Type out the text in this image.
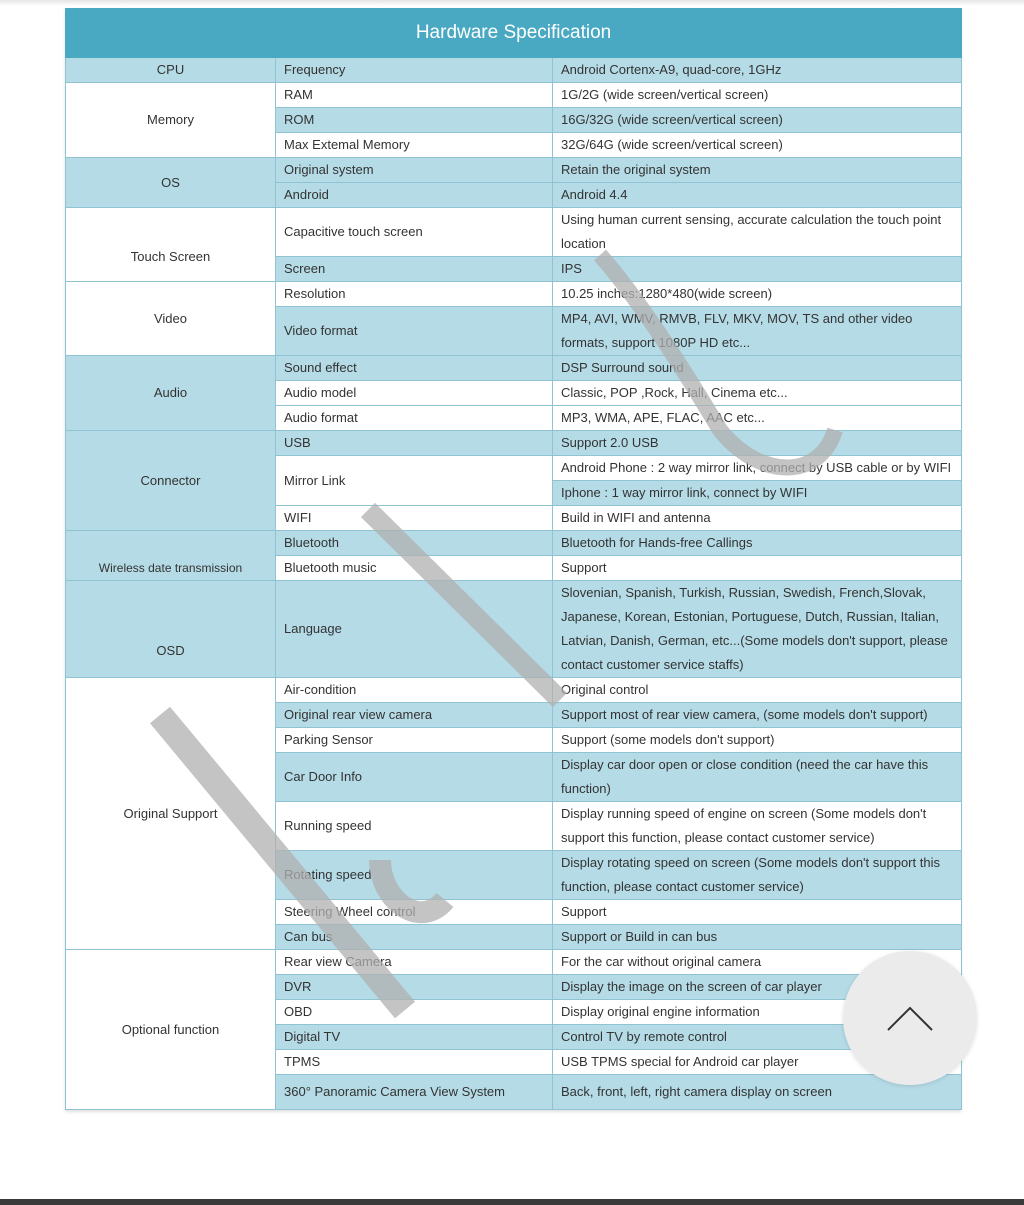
Hardware Specification		
CPU	Frequency	Android Cortenx-A9, quad-core, 1GHz
Memory	RAM	1G/2G (wide screen/vertical screen)
	ROM	16G/32G (wide screen/vertical screen)
	Max Extemal Memory	32G/64G (wide screen/vertical screen)
OS	Original system	Retain the original system
	Android	Android 4.4
Touch Screen	Capacitive touch screen	Using human current sensing, accurate calculation the touch point location
	Screen	IPS
Video	Resolution	10.25 inches:1280*480(wide screen)
	Video format	MP4, AVI, WMV, RMVB, FLV, MKV, MOV, TS and other video formats, support 1080P HD etc...
Audio	Sound effect	DSP Surround sound
	Audio model	Classic, POP ,Rock, Hall, Cinema etc...
	Audio format	MP3, WMA, APE, FLAC, AAC etc...
Connector	USB	Support 2.0 USB
	Mirror Link	Android Phone : 2 way mirror link, connect by USB cable or by WIFI
		Iphone : 1 way mirror link, connect by WIFI
	WIFI	Build in WIFI and antenna
Wireless date transmission	Bluetooth	Bluetooth for Hands-free Callings
	Bluetooth music	Support
OSD	Language	Slovenian, Spanish, Turkish, Russian, Swedish, French,Slovak, Japanese, Korean, Estonian, Portuguese, Dutch, Russian, Italian, Latvian, Danish, German, etc...(Some models don't support, please contact customer service staffs)
Original Support	Air-condition	Original control
	Original rear view camera	Support most of rear view camera, (some models don't support)
	Parking Sensor	Support (some models don't support)
	Car Door Info	Display car door open or close condition (need the car have this function)
	Running speed	Display running speed of engine on screen (Some models don't support this function, please contact customer service)
	Rotating speed	Display rotating speed on screen (Some models don't support this function, please contact customer service)
	Steering Wheel control	Support
	Can bus	Support or Build in can bus
Optional function	Rear view Camera	For the car without original camera
	DVR	Display the image on the screen of car player
	OBD	Display original engine information
	Digital TV	Control TV by remote control
	TPMS	USB TPMS special for Android car player
	360° Panoramic Camera View System	Back, front, left, right camera display on screen
